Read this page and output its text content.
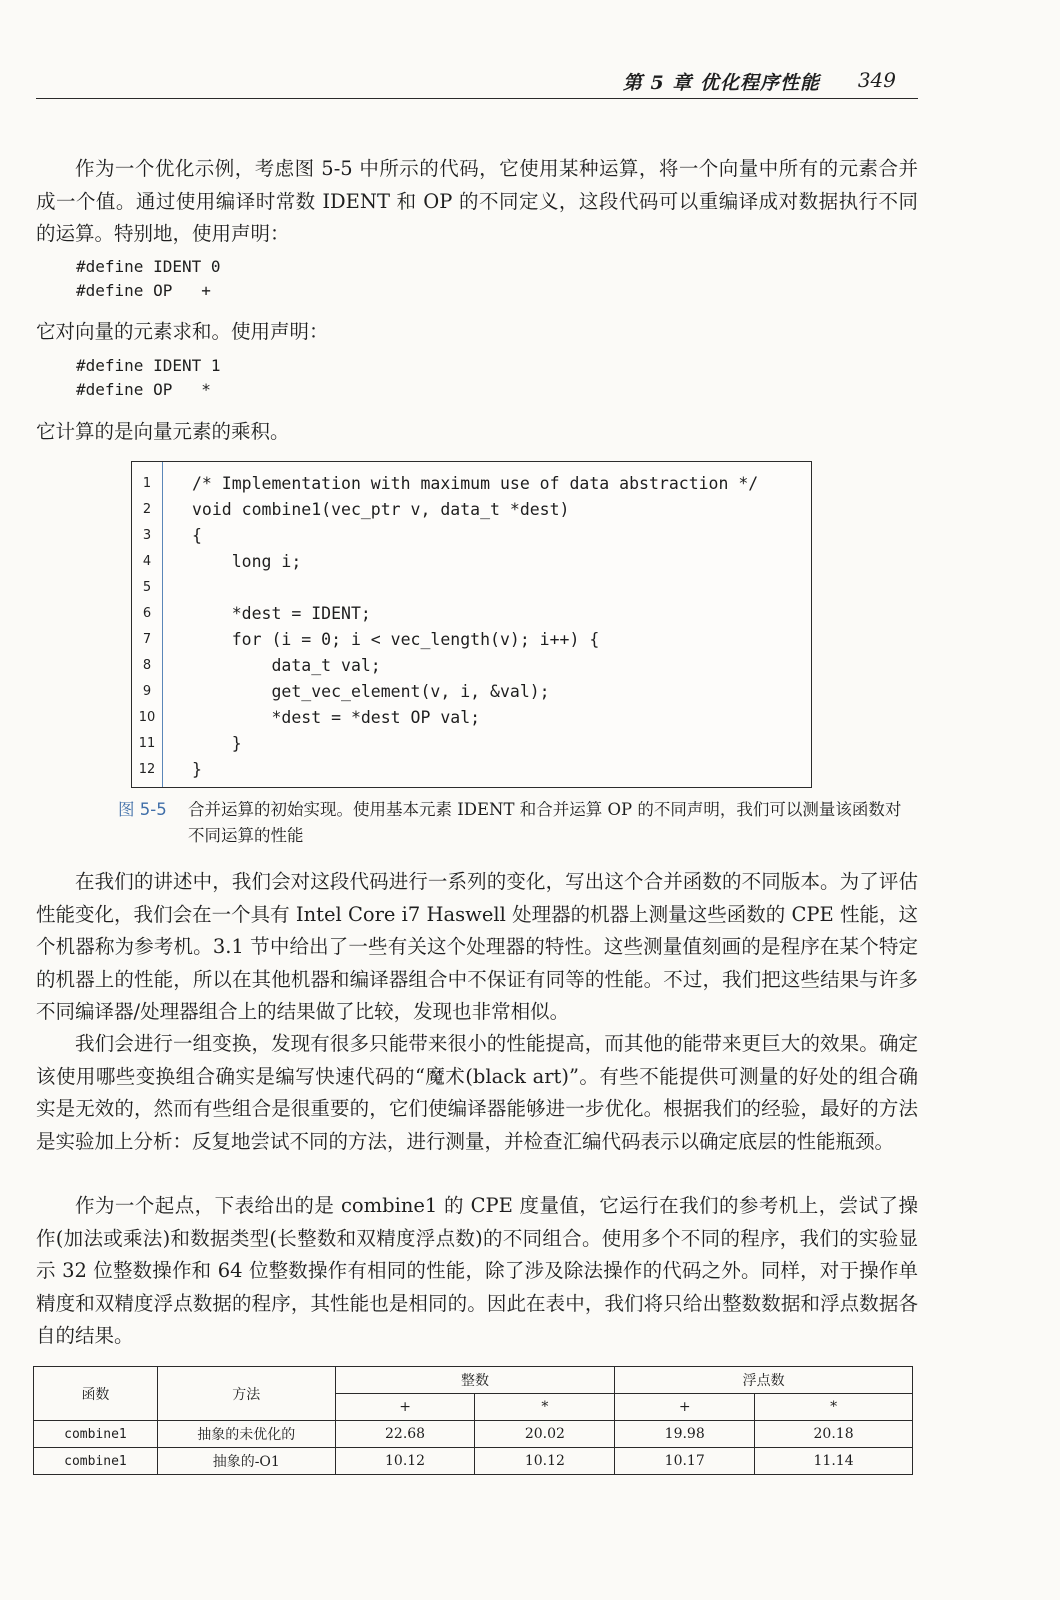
第 5 章 优化程序性能 349

作为一个优化示例，考虑图 5-5 中所示的代码，它使用某种运算，将一个向量中所有的元素合并成一个值。通过使用编译时常数 IDENT 和 OP 的不同定义，这段代码可以重编译成对数据执行不同的运算。特别地，使用声明：

#define IDENT 0
#define OP   +

它对向量的元素求和。使用声明：

#define IDENT 1
#define OP   *

它计算的是向量元素的乘积。

1	/* Implementation with maximum use of data abstraction */
2	void combine1(vec_ptr v, data_t *dest)
3	{
4	long i;
5
6	*dest = IDENT;
7	for (i = 0; i < vec_length(v); i++) {
8	data_t val;
9	get_vec_element(v, i, &val);
10	*dest = *dest OP val;
11	}
12	}
图 5-5 合并运算的初始实现。使用基本元素 IDENT 和合并运算 OP 的不同声明，我们可以测量该函数对不同运算的性能

在我们的讲述中，我们会对这段代码进行一系列的变化，写出这个合并函数的不同版本。为了评估性能变化，我们会在一个具有 Intel Core i7 Haswell 处理器的机器上测量这些函数的 CPE 性能，这个机器称为参考机。3.1 节中给出了一些有关这个处理器的特性。这些测量值刻画的是程序在某个特定的机器上的性能，所以在其他机器和编译器组合中不保证有同等的性能。不过，我们把这些结果与许多不同编译器/处理器组合上的结果做了比较，发现也非常相似。

我们会进行一组变换，发现有很多只能带来很小的性能提高，而其他的能带来更巨大的效果。确定该使用哪些变换组合确实是编写快速代码的“魔术(black art)”。有些不能提供可测量的好处的组合确实是无效的，然而有些组合是很重要的，它们使编译器能够进一步优化。根据我们的经验，最好的方法是实验加上分析：反复地尝试不同的方法，进行测量，并检查汇编代码表示以确定底层的性能瓶颈。

作为一个起点，下表给出的是 combine1 的 CPE 度量值，它运行在我们的参考机上，尝试了操作(加法或乘法)和数据类型(长整数和双精度浮点数)的不同组合。使用多个不同的程序，我们的实验显示 32 位整数操作和 64 位整数操作有相同的性能，除了涉及除法操作的代码之外。同样，对于操作单精度和双精度浮点数据的程序，其性能也是相同的。因此在表中，我们将只给出整数数据和浮点数据各自的结果。

函数	方法	整数		浮点数	
		+	*	+	*
combine1	抽象的未优化的	22.68	20.02	19.98	20.18
combine1	抽象的-O1	10.12	10.12	10.17	11.14
